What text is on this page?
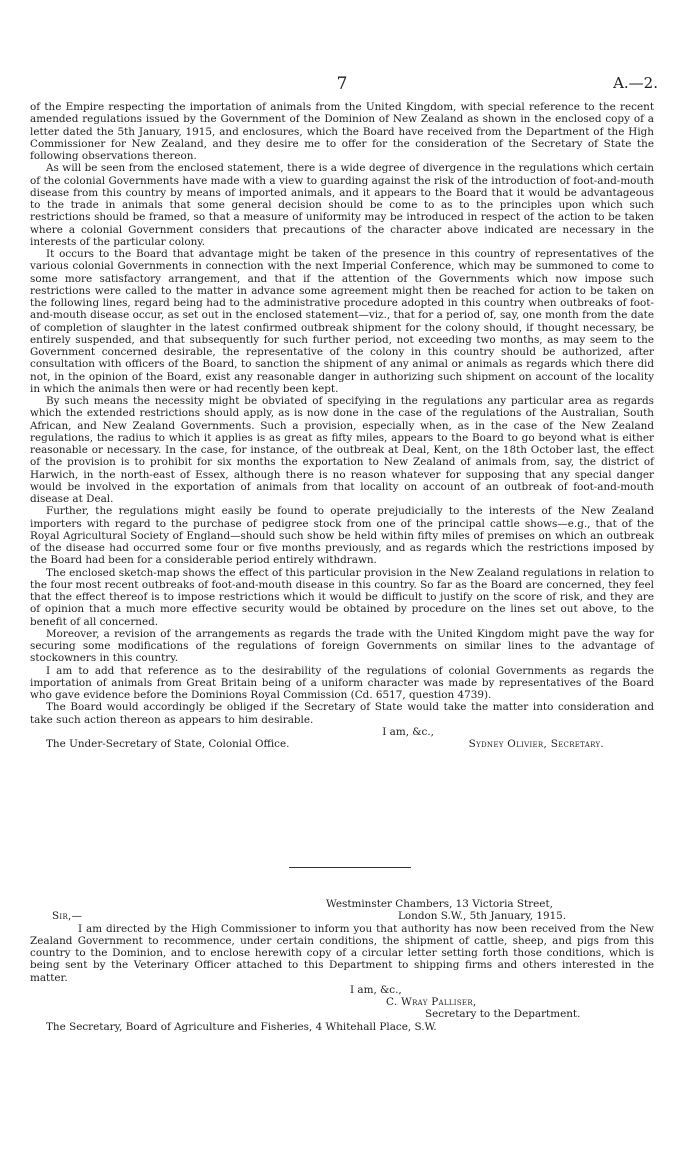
7	A.—2.

of the Empire respecting the importation of animals from the United Kingdom, with special reference to the recent amended regulations issued by the Government of the Dominion of New Zealand as shown in the enclosed copy of a letter dated the 5th January, 1915, and enclosures, which the Board have received from the Department of the High Commissioner for New Zealand, and they desire me to offer for the consideration of the Secretary of State the following observations thereon.

As will be seen from the enclosed statement, there is a wide degree of divergence in the regulations which certain of the colonial Governments have made with a view to guarding against the risk of the introduction of foot-and-mouth disease from this country by means of imported animals, and it appears to the Board that it would be advantageous to the trade in animals that some general decision should be come to as to the principles upon which such restrictions should be framed, so that a measure of uniformity may be introduced in respect of the action to be taken where a colonial Government considers that precautions of the character above indicated are necessary in the interests of the particular colony.

It occurs to the Board that advantage might be taken of the presence in this country of representatives of the various colonial Governments in connection with the next Imperial Conference, which may be summoned to come to some more satisfactory arrangement, and that if the attention of the Governments which now impose such restrictions were called to the matter in advance some agreement might then be reached for action to be taken on the following lines, regard being had to the administrative procedure adopted in this country when outbreaks of foot-and-mouth disease occur, as set out in the enclosed statement—viz., that for a period of, say, one month from the date of completion of slaughter in the latest confirmed outbreak shipment for the colony should, if thought necessary, be entirely suspended, and that subsequently for such further period, not exceeding two months, as may seem to the Government concerned desirable, the representative of the colony in this country should be authorized, after consultation with officers of the Board, to sanction the shipment of any animal or animals as regards which there did not, in the opinion of the Board, exist any reasonable danger in authorizing such shipment on account of the locality in which the animals then were or had recently been kept.

By such means the necessity might be obviated of specifying in the regulations any particular area as regards which the extended restrictions should apply, as is now done in the case of the regulations of the Australian, South African, and New Zealand Governments. Such a provision, especially when, as in the case of the New Zealand regulations, the radius to which it applies is as great as fifty miles, appears to the Board to go beyond what is either reasonable or necessary. In the case, for instance, of the outbreak at Deal, Kent, on the 18th October last, the effect of the provision is to prohibit for six months the exportation to New Zealand of animals from, say, the district of Harwich, in the north-east of Essex, although there is no reason whatever for supposing that any special danger would be involved in the exportation of animals from that locality on account of an outbreak of foot-and-mouth disease at Deal.

Further, the regulations might easily be found to operate prejudicially to the interests of the New Zealand importers with regard to the purchase of pedigree stock from one of the principal cattle shows—e.g., that of the Royal Agricultural Society of England—should such show be held within fifty miles of premises on which an outbreak of the disease had occurred some four or five months previously, and as regards which the restrictions imposed by the Board had been for a considerable period entirely withdrawn.

The enclosed sketch-map shows the effect of this particular provision in the New Zealand regulations in relation to the four most recent outbreaks of foot-and-mouth disease in this country. So far as the Board are concerned, they feel that the effect thereof is to impose restrictions which it would be difficult to justify on the score of risk, and they are of opinion that a much more effective security would be obtained by procedure on the lines set out above, to the benefit of all concerned.

Moreover, a revision of the arrangements as regards the trade with the United Kingdom might pave the way for securing some modifications of the regulations of foreign Governments on similar lines to the advantage of stockowners in this country.

I am to add that reference as to the desirability of the regulations of colonial Governments as regards the importation of animals from Great Britain being of a uniform character was made by representatives of the Board who gave evidence before the Dominions Royal Commission (Cd. 6517, question 4739).

The Board would accordingly be obliged if the Secretary of State would take the matter into consideration and take such action thereon as appears to him desirable.

I am, &c.,
Sydney Olivier, Secretary.
The Under-Secretary of State, Colonial Office.
Westminster Chambers, 13 Victoria Street,
London S.W., 5th January, 1915.
Sir,—

I am directed by the High Commissioner to inform you that authority has now been received from the New Zealand Government to recommence, under certain conditions, the shipment of cattle, sheep, and pigs from this country to the Dominion, and to enclose herewith copy of a circular letter setting forth those conditions, which is being sent by the Veterinary Officer attached to this Department to shipping firms and others interested in the matter.

I am, &c.,
C. Wray Palliser,
Secretary to the Department.
The Secretary, Board of Agriculture and Fisheries, 4 Whitehall Place, S.W.
